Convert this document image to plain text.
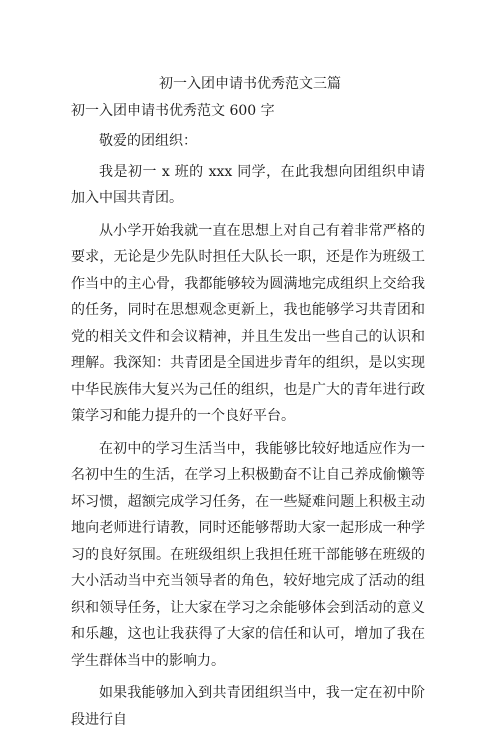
初一入团申请书优秀范文三篇
初一入团申请书优秀范文 600 字

敬爱的团组织：

我是初一 x 班的 xxx 同学，在此我想向团组织申请加入中国共青团。

从小学开始我就一直在思想上对自己有着非常严格的要求，无论是少先队时担任大队长一职，还是作为班级工作当中的主心骨，我都能够较为圆满地完成组织上交给我的任务，同时在思想观念更新上，我也能够学习共青团和党的相关文件和会议精神，并且生发出一些自己的认识和理解。我深知：共青团是全国进步青年的组织，是以实现中华民族伟大复兴为己任的组织，也是广大的青年进行政策学习和能力提升的一个良好平台。

在初中的学习生活当中，我能够比较好地适应作为一名初中生的生活，在学习上积极勤奋不让自己养成偷懒等坏习惯，超额完成学习任务，在一些疑难问题上积极主动地向老师进行请教，同时还能够帮助大家一起形成一种学习的良好氛围。在班级组织上我担任班干部能够在班级的大小活动当中充当领导者的角色，较好地完成了活动的组织和领导任务，让大家在学习之余能够体会到活动的意义和乐趣，这也让我获得了大家的信任和认可，增加了我在学生群体当中的影响力。

如果我能够加入到共青团组织当中，我一定在初中阶段进行自
